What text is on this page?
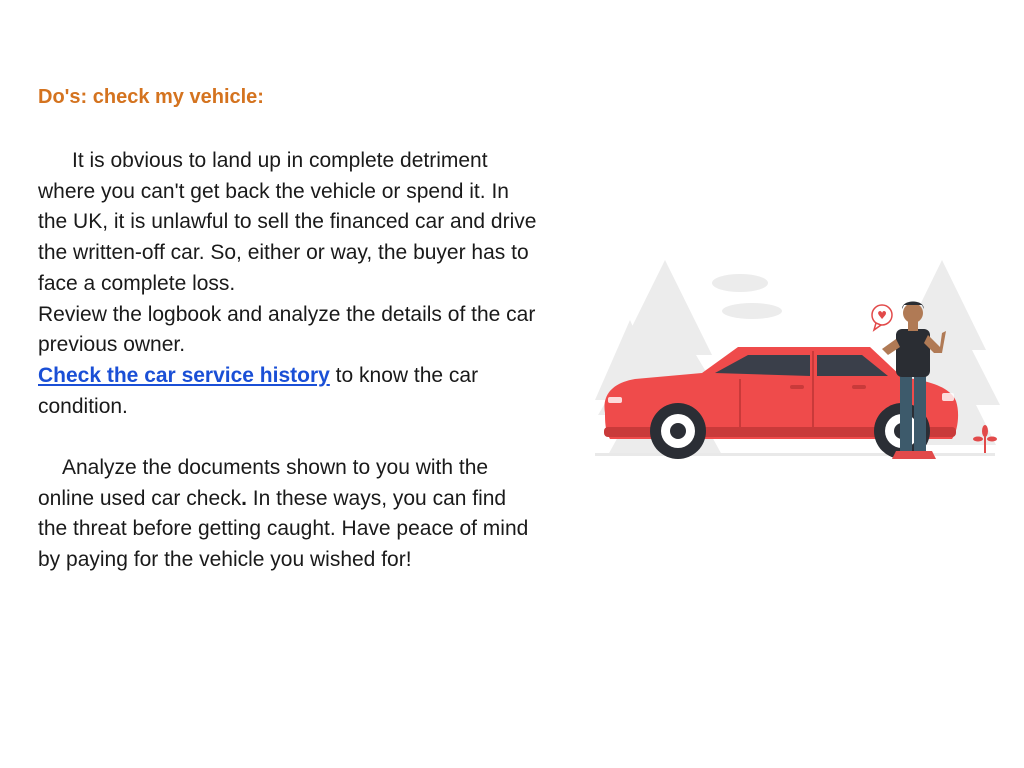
Do's: check my vehicle:

It is obvious to land up in complete detriment where you can't get back the vehicle or spend it. In the UK, it is unlawful to sell the financed car and drive the written-off car. So, either or way, the buyer has to face a complete loss.

Review the logbook and analyze the details of the car previous owner.

Check the car service history to know the car condition.

Analyze the documents shown to you with the online used car check. In these ways, you can find the threat before getting caught. Have peace of mind by paying for the vehicle you wished for!

♥
